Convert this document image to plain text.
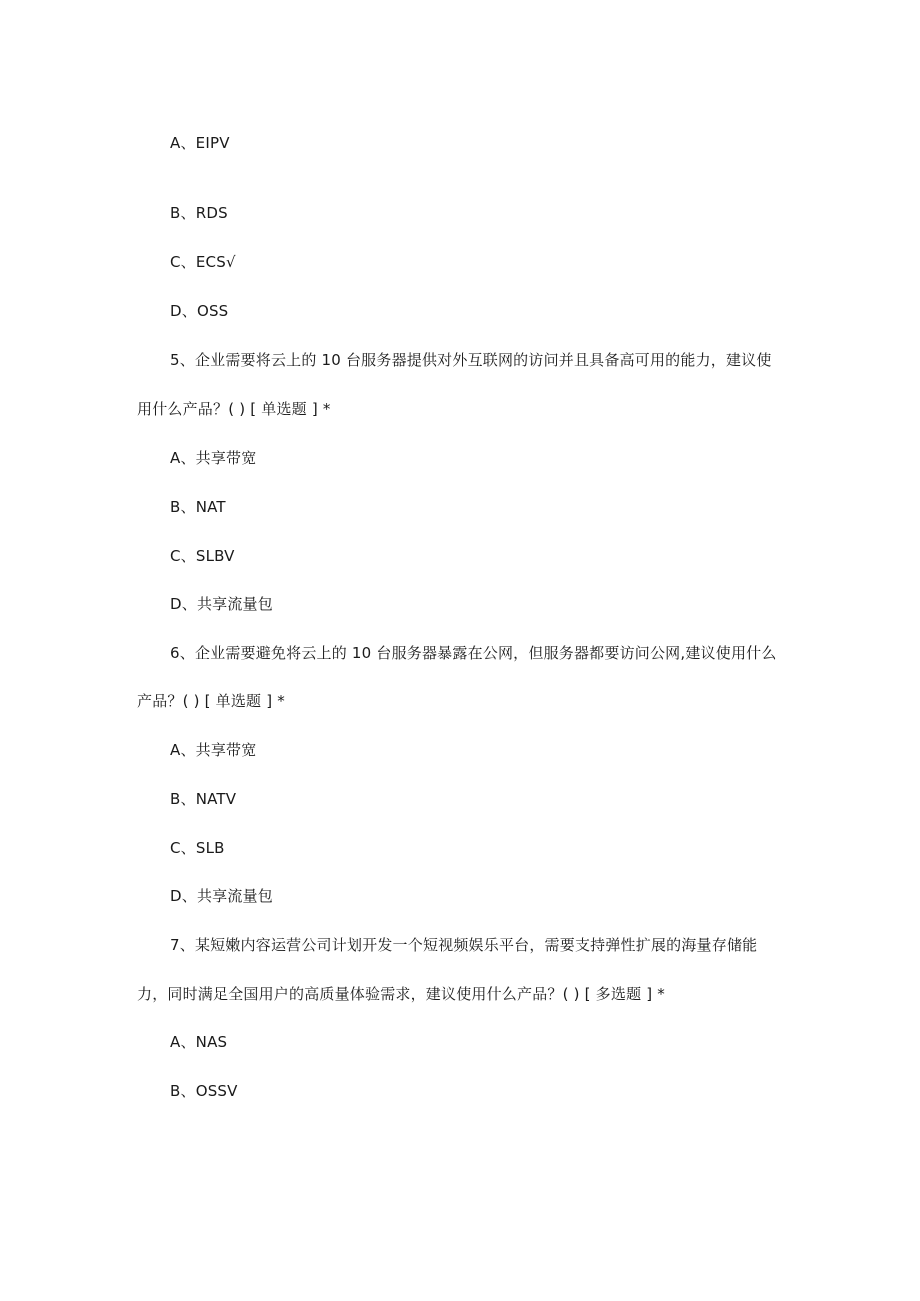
A、EIPV
B、RDS
C、ECS√
D、OSS
5、企业需要将云上的 10 台服务器提供对外互联网的访问并且具备高可用的能力，建议使
用什么产品？( ) [ 单选题 ] *
A、共享带宽
B、NAT
C、SLBV
D、共享流量包
6、企业需要避免将云上的 10 台服务器暴露在公网，但服务器都要访问公网,建议使用什么
产品？( ) [ 单选题 ] *
A、共享带宽
B、NATV
C、SLB
D、共享流量包
7、某短嫩内容运营公司计划开发一个短视频娱乐平台，需要支持弹性扩展的海量存储能
力，同时满足全国用户的高质量体验需求，建议使用什么产品？( ) [ 多选题 ] *
A、NAS
B、OSSV
